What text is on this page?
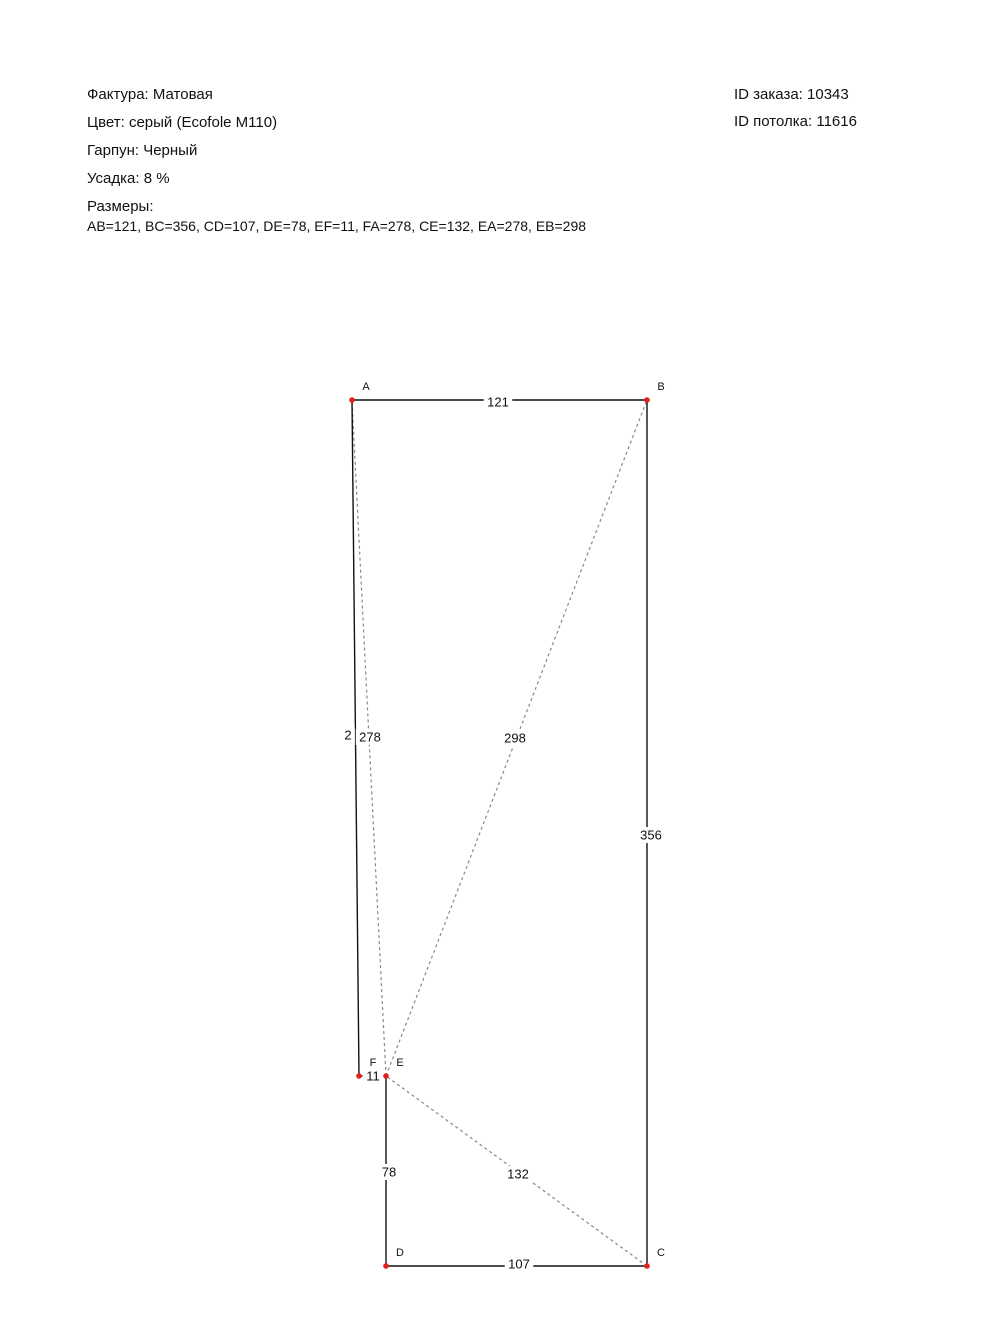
Фактура: Матовая
Цвет: серый (Ecofole M110)
Гарпун: Черный
Усадка: 8 %
Размеры:
AB=121, BC=356, CD=107, DE=78, EF=11, FA=278, CE=132, EA=278, EB=298
ID заказа: 10343
ID потолка: 11616
278	298
132
121
356
107
78
11
2
A	B
C
D
E
F
